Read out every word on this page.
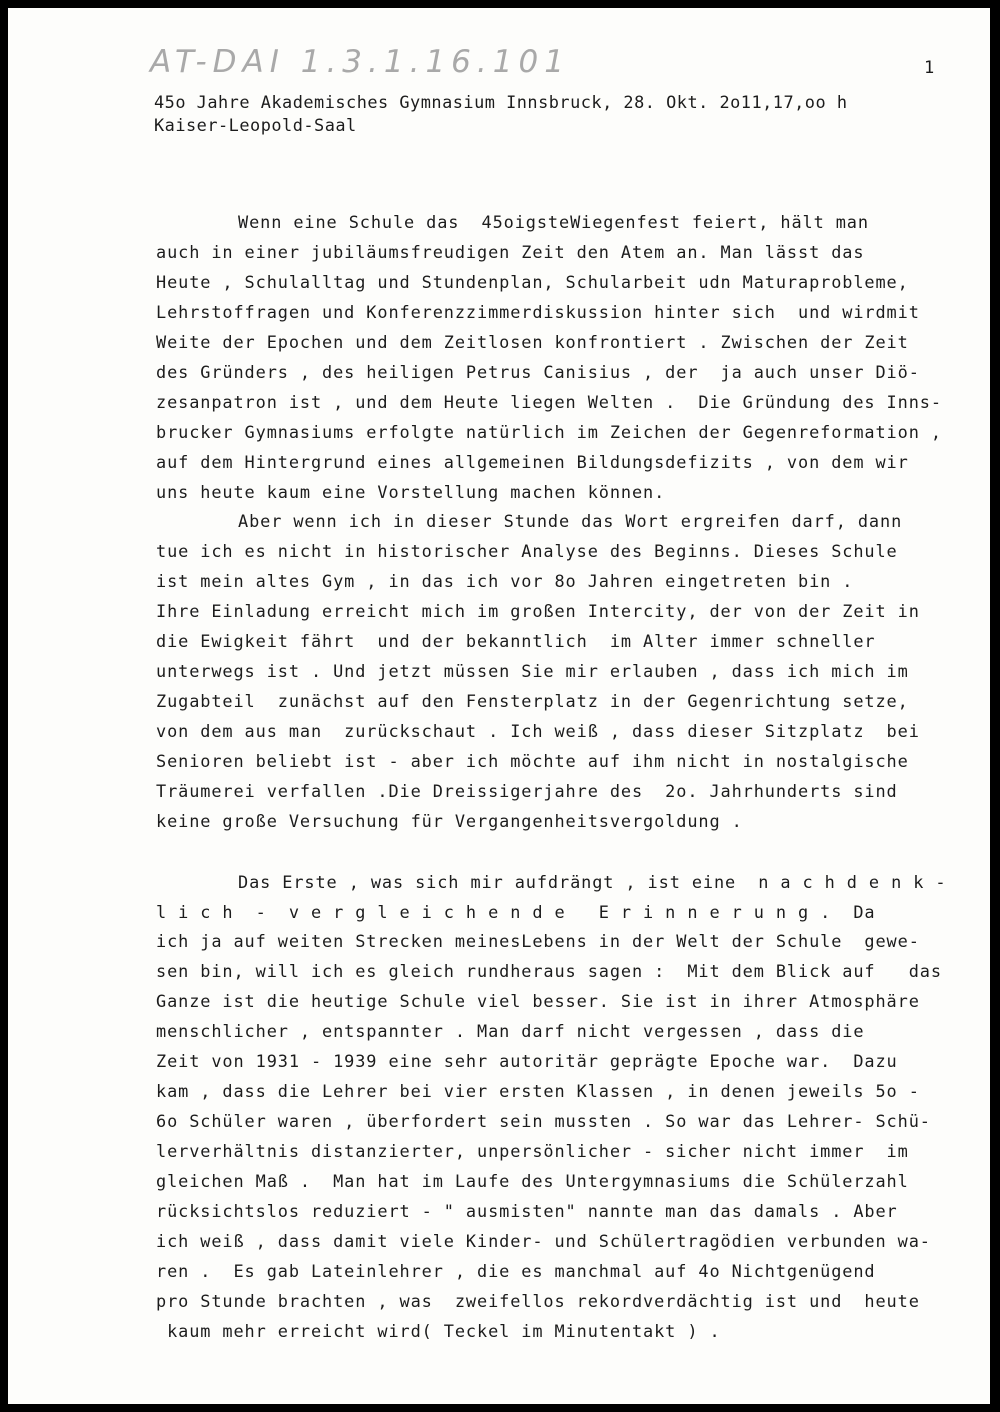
AT-DAI 1.3.1.16.101	1
45o Jahre Akademisches Gymnasium Innsbruck, 28. Okt. 2o11,17,oo h
Kaiser-Leopold-Saal
Wenn eine Schule das  45oigsteWiegenfest feiert, hält man
auch in einer jubiläumsfreudigen Zeit den Atem an. Man lässt das
Heute , Schulalltag und Stundenplan, Schularbeit udn Maturaprobleme,
Lehrstoffragen und Konferenzzimmerdiskussion hinter sich  und wirdmit
Weite der Epochen und dem Zeitlosen konfrontiert . Zwischen der Zeit
des Gründers , des heiligen Petrus Canisius , der  ja auch unser Diö-
zesanpatron ist , und dem Heute liegen Welten .  Die Gründung des Inns-
brucker Gymnasiums erfolgte natürlich im Zeichen der Gegenreformation ,
auf dem Hintergrund eines allgemeinen Bildungsdefizits , von dem wir
uns heute kaum eine Vorstellung machen können.
Aber wenn ich in dieser Stunde das Wort ergreifen darf, dann
tue ich es nicht in historischer Analyse des Beginns. Dieses Schule
ist mein altes Gym , in das ich vor 8o Jahren eingetreten bin .
Ihre Einladung erreicht mich im großen Intercity, der von der Zeit in
die Ewigkeit fährt  und der bekanntlich  im Alter immer schneller
unterwegs ist . Und jetzt müssen Sie mir erlauben , dass ich mich im
Zugabteil  zunächst auf den Fensterplatz in der Gegenrichtung setze,
von dem aus man  zurückschaut . Ich weiß , dass dieser Sitzplatz  bei
Senioren beliebt ist - aber ich möchte auf ihm nicht in nostalgische
Träumerei verfallen .Die Dreissigerjahre des  2o. Jahrhunderts sind
keine große Versuchung für Vergangenheitsvergoldung .
Das Erste , was sich mir aufdrängt , ist eine  n a c h d e n k -
l i c h  -  v e r g l e i c h e n d e   E r i n n e r u n g .  Da
ich ja auf weiten Strecken meinesLebens in der Welt der Schule  gewe-
sen bin, will ich es gleich rundheraus sagen :  Mit dem Blick auf   das
Ganze ist die heutige Schule viel besser. Sie ist in ihrer Atmosphäre
menschlicher , entspannter . Man darf nicht vergessen , dass die
Zeit von 1931 - 1939 eine sehr autoritär geprägte Epoche war.  Dazu
kam , dass die Lehrer bei vier ersten Klassen , in denen jeweils 5o -
6o Schüler waren , überfordert sein mussten . So war das Lehrer- Schü-
lerverhältnis distanzierter, unpersönlicher - sicher nicht immer  im
gleichen Maß .  Man hat im Laufe des Untergymnasiums die Schülerzahl
rücksichtslos reduziert - " ausmisten" nannte man das damals . Aber
ich weiß , dass damit viele Kinder- und Schülertragödien verbunden wa-
ren .  Es gab Lateinlehrer , die es manchmal auf 4o Nichtgenügend
pro Stunde brachten , was  zweifellos rekordverdächtig ist und  heute
kaum mehr erreicht wird( Teckel im Minutentakt ) .
